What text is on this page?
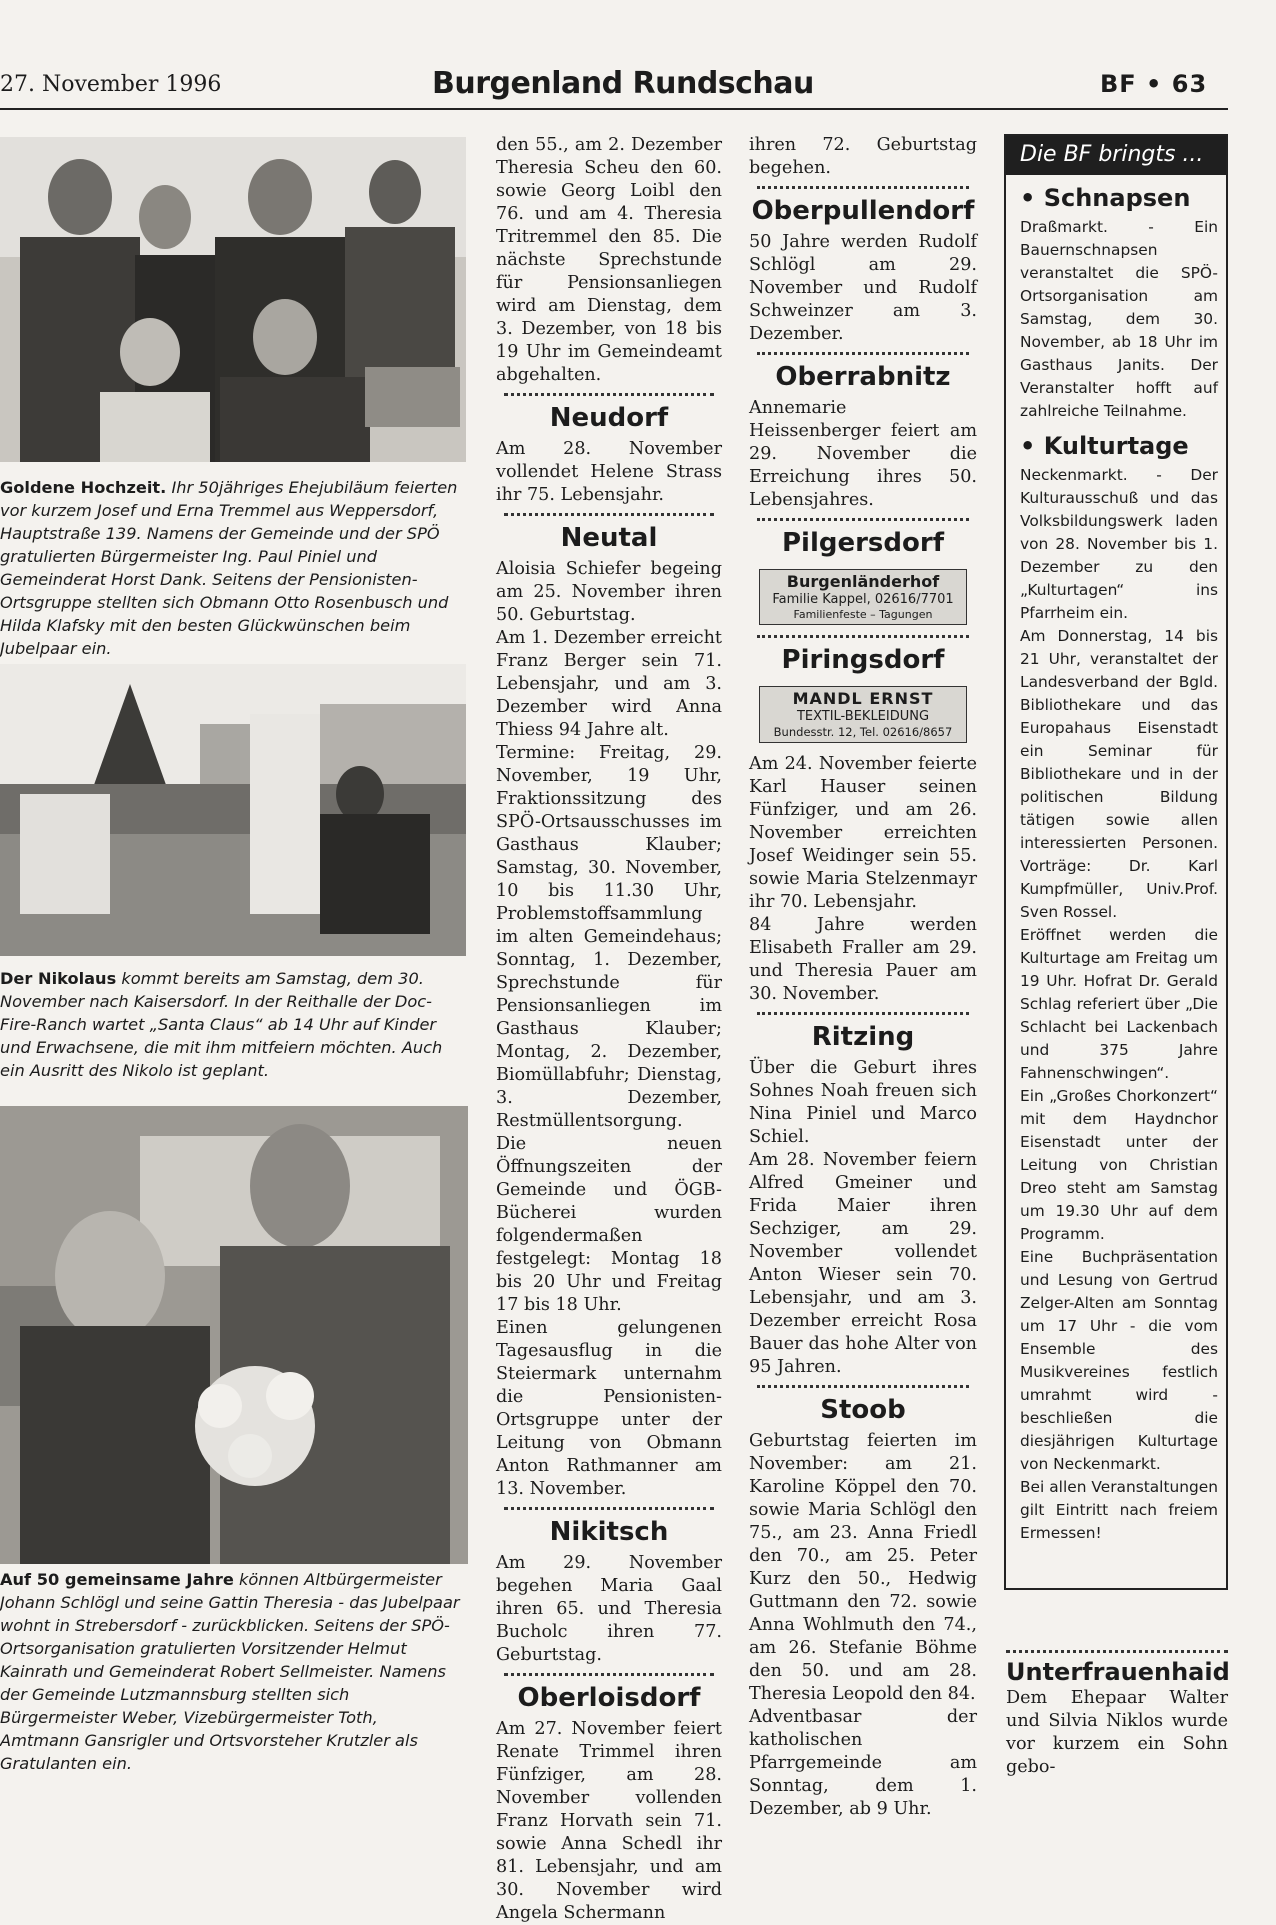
27. November 1996	Burgenland Rundschau	BF • 63
Goldene Hochzeit. Ihr 50jähriges Ehejubiläum feierten vor kurzem Josef und Erna Tremmel aus Weppersdorf, Hauptstraße 139. Namens der Gemeinde und der SPÖ gratulierten Bürgermeister Ing. Paul Piniel und Gemeinderat Horst Dank. Seitens der Pensionisten-Ortsgruppe stellten sich Obmann Otto Rosenbusch und Hilda Klafsky mit den besten Glückwünschen beim Jubelpaar ein.
Der Nikolaus kommt bereits am Samstag, dem 30. November nach Kaisersdorf. In der Reithalle der Doc-Fire-Ranch wartet „Santa Claus“ ab 14 Uhr auf Kinder und Erwachsene, die mit ihm mitfeiern möchten. Auch ein Ausritt des Nikolo ist geplant.
Auf 50 gemeinsame Jahre können Altbürgermeister Johann Schlögl und seine Gattin Theresia - das Jubelpaar wohnt in Strebersdorf - zurückblicken. Seitens der SPÖ-Ortsorganisation gratulierten Vorsitzender Helmut Kainrath und Gemeinderat Robert Sellmeister. Namens der Gemeinde Lutzmannsburg stellten sich Bürgermeister Weber, Vizebürgermeister Toth, Amtmann Gansrigler und Ortsvorsteher Krutzler als Gratulanten ein.

den 55., am 2. Dezember Theresia Scheu den 60. sowie Georg Loibl den 76. und am 4. Theresia Tritremmel den 85. Die nächste Sprechstunde für Pensionsanliegen wird am Dienstag, dem 3. Dezember, von 18 bis 19 Uhr im Gemeindeamt abgehalten.

Neudorf

Am 28. November vollendet Helene Strass ihr 75. Lebensjahr.

Neutal

Aloisia Schiefer begeing am 25. November ihren 50. Geburtstag.

Am 1. Dezember erreicht Franz Berger sein 71. Lebensjahr, und am 3. Dezember wird Anna Thiess 94 Jahre alt.

Termine: Freitag, 29. November, 19 Uhr, Fraktionssitzung des SPÖ-Ortsausschusses im Gasthaus Klauber; Samstag, 30. November, 10 bis 11.30 Uhr, Problemstoffsammlung im alten Gemeindehaus; Sonntag, 1. Dezember, Sprechstunde für Pensionsanliegen im Gasthaus Klauber; Montag, 2. Dezember, Biomüllabfuhr; Dienstag, 3. Dezember, Restmüllentsorgung.

Die neuen Öffnungszeiten der Gemeinde und ÖGB-Bücherei wurden folgendermaßen festgelegt: Montag 18 bis 20 Uhr und Freitag 17 bis 18 Uhr.

Einen gelungenen Tagesausflug in die Steiermark unternahm die Pensionisten-Ortsgruppe unter der Leitung von Obmann Anton Rathmanner am 13. November.

Nikitsch

Am 29. November begehen Maria Gaal ihren 65. und Theresia Bucholc ihren 77. Geburtstag.

Oberloisdorf

Am 27. November feiert Renate Trimmel ihren Fünfziger, am 28. November vollenden Franz Horvath sein 71. sowie Anna Schedl ihr 81. Lebensjahr, und am 30. November wird Angela Schermann

ihren 72. Geburtstag begehen.

Oberpullendorf

50 Jahre werden Rudolf Schlögl am 29. November und Rudolf Schweinzer am 3. Dezember.

Oberrabnitz

Annemarie Heissenberger feiert am 29. November die Erreichung ihres 50. Lebensjahres.

Pilgersdorf
Burgenländerhof
Familie Kappel, 02616/7701
Familienfeste – Tagungen
Piringsdorf
MANDL ERNST
TEXTIL-BEKLEIDUNG
Bundesstr. 12, Tel. 02616/8657

Am 24. November feierte Karl Hauser seinen Fünfziger, und am 26. November erreichten Josef Weidinger sein 55. sowie Maria Stelzenmayr ihr 70. Lebensjahr.

84 Jahre werden Elisabeth Fraller am 29. und Theresia Pauer am 30. November.

Ritzing

Über die Geburt ihres Sohnes Noah freuen sich Nina Piniel und Marco Schiel.

Am 28. November feiern Alfred Gmeiner und Frida Maier ihren Sechziger, am 29. November vollendet Anton Wieser sein 70. Lebensjahr, und am 3. Dezember erreicht Rosa Bauer das hohe Alter von 95 Jahren.

Stoob

Geburtstag feierten im November: am 21. Karoline Köppel den 70. sowie Maria Schlögl den 75., am 23. Anna Friedl den 70., am 25. Peter Kurz den 50., Hedwig Guttmann den 72. sowie Anna Wohlmuth den 74., am 26. Stefanie Böhme den 50. und am 28. Theresia Leopold den 84.

Adventbasar der katholischen Pfarrgemeinde am Sonntag, dem 1. Dezember, ab 9 Uhr.

Die BF bringts ...
• Schnapsen

Draßmarkt. - Ein Bauernschnapsen veranstaltet die SPÖ-Ortsorganisation am Samstag, dem 30. November, ab 18 Uhr im Gasthaus Janits. Der Veranstalter hofft auf zahlreiche Teilnahme.

• Kulturtage

Neckenmarkt. - Der Kulturausschuß und das Volksbildungswerk laden von 28. November bis 1. Dezember zu den „Kulturtagen“ ins Pfarrheim ein.

Am Donnerstag, 14 bis 21 Uhr, veranstaltet der Landesverband der Bgld. Bibliothekare und das Europahaus Eisenstadt ein Seminar für Bibliothekare und in der politischen Bildung tätigen sowie allen interessierten Personen. Vorträge: Dr. Karl Kumpfmüller, Univ.Prof. Sven Rossel.

Eröffnet werden die Kulturtage am Freitag um 19 Uhr. Hofrat Dr. Gerald Schlag referiert über „Die Schlacht bei Lackenbach und 375 Jahre Fahnenschwingen“.

Ein „Großes Chorkonzert“ mit dem Haydnchor Eisenstadt unter der Leitung von Christian Dreo steht am Samstag um 19.30 Uhr auf dem Programm.

Eine Buchpräsentation und Lesung von Gertrud Zelger-Alten am Sonntag um 17 Uhr - die vom Ensemble des Musikvereines festlich umrahmt wird - beschließen die diesjährigen Kulturtage von Neckenmarkt.

Bei allen Veranstaltungen gilt Eintritt nach freiem Ermessen!

Unterfrauenhaid

Dem Ehepaar Walter und Silvia Niklos wurde vor kurzem ein Sohn gebo-
